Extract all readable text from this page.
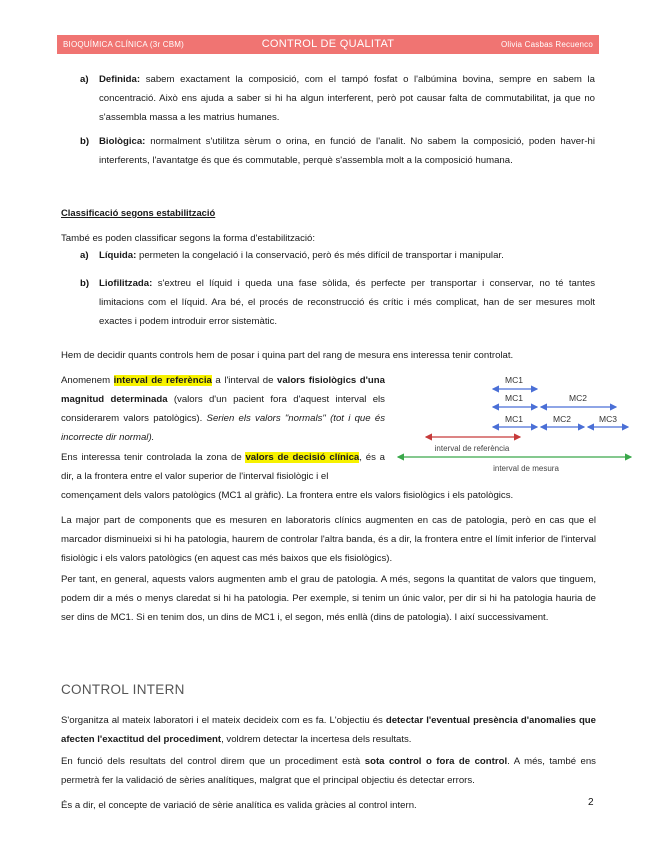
BIOQUÍMICA CLÍNICA (3r CBM)	CONTROL DE QUALITAT	Olivia Casbas Recuenco
a) Definida: sabem exactament la composició, com el tampó fosfat o l'albúmina bovina, sempre en sabem la concentració. Això ens ajuda a saber si hi ha algun interferent, però pot causar falta de commutabilitat, ja que no s'assembla massa a les matrius humanes.
b) Biològica: normalment s'utilitza sèrum o orina, en funció de l'analit. No sabem la composició, poden haver-hi interferents, l'avantatge és que és commutable, perquè s'assembla molt a la composició humana.
Classificació segons estabilització
També es poden classificar segons la forma d'estabilització:
a) Líquida: permeten la congelació i la conservació, però és més difícil de transportar i manipular.
b) Liofilitzada: s'extreu el líquid i queda una fase sòlida, és perfecte per transportar i conservar, no té tantes limitacions com el líquid. Ara bé, el procés de reconstrucció és crític i més complicat, han de ser mesures molt exactes i podem introduir error sistemàtic.
Hem de decidir quants controls hem de posar i quina part del rang de mesura ens interessa tenir controlat.
Anomenem interval de referència a l'interval de valors fisiològics d'una magnitud determinada (valors d'un pacient fora d'aquest interval els considerarem valors patològics). Serien els valors "normals" (tot i que és incorrecte dir normal).
MC1
MC1	MC2
MC1	MC2	MC3
interval de referència
interval de mesura
Ens interessa tenir controlada la zona de valors de decisió clínica, és a dir, a la frontera entre el valor superior de l'interval fisiològic i el
començament dels valors patològics (MC1 al gràfic). La frontera entre els valors fisiològics i els patològics.
La major part de components que es mesuren en laboratoris clínics augmenten en cas de patologia, però en cas que el marcador disminueixi si hi ha patologia, haurem de controlar l'altra banda, és a dir, la frontera entre el límit inferior de l'interval fisiològic i els valors patològics (en aquest cas més baixos que els fisiològics).
Per tant, en general, aquests valors augmenten amb el grau de patologia. A més, segons la quantitat de valors que tinguem, podem dir a més o menys claredat si hi ha patologia. Per exemple, si tenim un únic valor, per dir si hi ha patologia hauria de ser dins de MC1. Si en tenim dos, un dins de MC1 i, el segon, més enllà (dins de patologia). I així successivament.
CONTROL INTERN
S'organitza al mateix laboratori i el mateix decideix com es fa. L'objectiu és detectar l'eventual presència d'anomalies que afecten l'exactitud del procediment, voldrem detectar la incertesa dels resultats.
En funció dels resultats del control direm que un procediment està sota control o fora de control. A més, també ens permetrà fer la validació de sèries analítiques, malgrat que el principal objectiu és detectar errors.
És a dir, el concepte de variació de sèrie analítica es valida gràcies al control intern.	2
